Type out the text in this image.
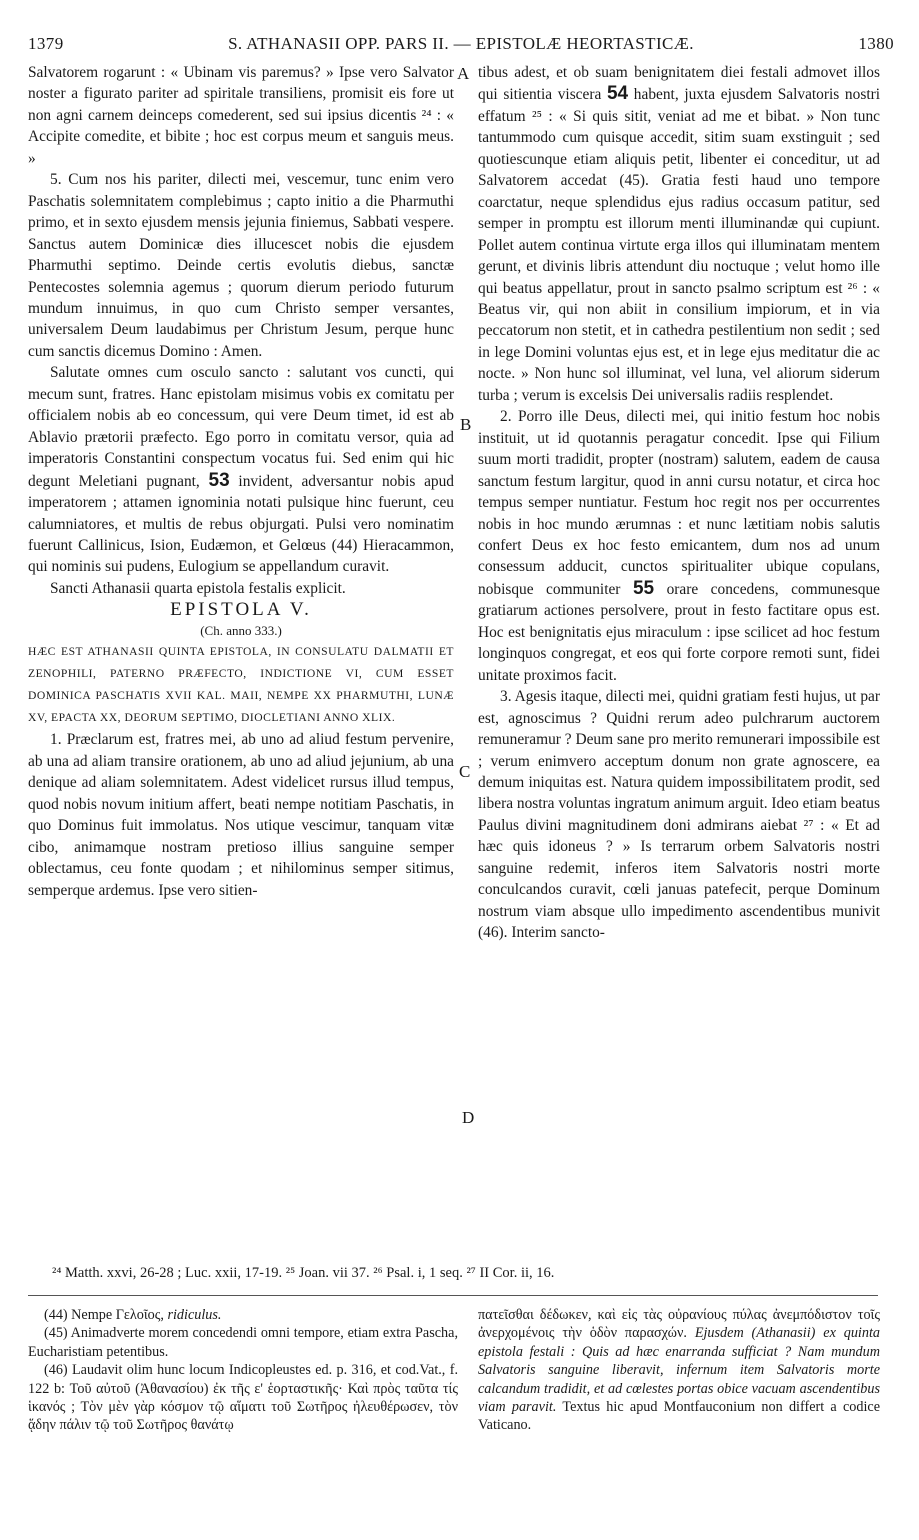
1379	S. ATHANASII OPP. PARS II. — EPISTOLÆ HEORTASTICÆ.	1380

Salvatorem rogarunt : « Ubinam vis paremus? » Ipse vero Salvator noster a figurato pariter ad spiritale transiliens, promisit eis fore ut non agni carnem deinceps comederent, sed sui ipsius dicentis ²⁴ : « Accipite comedite, et bibite ; hoc est corpus meum et sanguis meus. »

5. Cum nos his pariter, dilecti mei, vescemur, tunc enim vero Paschatis solemnitatem complebimus ; capto initio a die Pharmuthi primo, et in sexto ejusdem mensis jejunia finiemus, Sabbati vespere. Sanctus autem Dominicæ dies illucescet nobis die ejusdem Pharmuthi septimo. Deinde certis evolutis diebus, sanctæ Pentecostes solemnia agemus ; quorum dierum periodo futurum mundum innuimus, in quo cum Christo semper versantes, universalem Deum laudabimus per Christum Jesum, perque hunc cum sanctis dicemus Domino : Amen.

Salutate omnes cum osculo sancto : salutant vos cuncti, qui mecum sunt, fratres. Hanc epistolam misimus vobis ex comitatu per officialem nobis ab eo concessum, qui vere Deum timet, id est ab Ablavio prætorii præfecto. Ego porro in comitatu versor, quia ad imperatoris Constantini conspectum vocatus fui. Sed enim qui hic degunt Meletiani pugnant, 53 invident, adversantur nobis apud imperatorem ; attamen ignominia notati pulsique hinc fuerunt, ceu calumniatores, et multis de rebus objurgati. Pulsi vero nominatim fuerunt Callinicus, Ision, Eudæmon, et Gelœus (44) Hieracammon, qui nominis sui pudens, Eulogium se appellandum curavit.

Sancti Athanasii quarta epistola festalis explicit.

EPISTOLA V.

(Ch. anno 333.)

HÆC EST ATHANASII QUINTA EPISTOLA, IN CONSULATU DALMATII ET ZENOPHILI, PATERNO PRÆFECTO, INDICTIONE VI, CUM ESSET DOMINICA PASCHATIS XVII KAL. MAII, NEMPE XX PHARMUTHI, LUNÆ XV, EPACTA XX, DEORUM SEPTIMO, DIOCLETIANI ANNO XLIX.

1. Præclarum est, fratres mei, ab uno ad aliud festum pervenire, ab una ad aliam transire orationem, ab uno ad aliud jejunium, ab una denique ad aliam solemnitatem. Adest videlicet rursus illud tempus, quod nobis novum initium affert, beati nempe notitiam Paschatis, in quo Dominus fuit immolatus. Nos utique vescimur, tanquam vitæ cibo, animamque nostram pretioso illius sanguine semper oblectamus, ceu fonte quodam ; et nihilominus semper sitimus, semperque ardemus. Ipse vero sitien-

A
B
C
D

tibus adest, et ob suam benignitatem diei festali admovet illos qui sitientia viscera 54 habent, juxta ejusdem Salvatoris nostri effatum ²⁵ : « Si quis sitit, veniat ad me et bibat. » Non tunc tantummodo cum quisque accedit, sitim suam exstinguit ; sed quotiescunque etiam aliquis petit, libenter ei conceditur, ut ad Salvatorem accedat (45). Gratia festi haud uno tempore coarctatur, neque splendidus ejus radius occasum patitur, sed semper in promptu est illorum menti illuminandæ qui cupiunt. Pollet autem continua virtute erga illos qui illuminatam mentem gerunt, et divinis libris attendunt diu noctuque ; velut homo ille qui beatus appellatur, prout in sancto psalmo scriptum est ²⁶ : « Beatus vir, qui non abiit in consilium impiorum, et in via peccatorum non stetit, et in cathedra pestilentium non sedit ; sed in lege Domini voluntas ejus est, et in lege ejus meditatur die ac nocte. » Non hunc sol illuminat, vel luna, vel aliorum siderum turba ; verum is excelsis Dei universalis radiis resplendet.

2. Porro ille Deus, dilecti mei, qui initio festum hoc nobis instituit, ut id quotannis peragatur concedit. Ipse qui Filium suum morti tradidit, propter (nostram) salutem, eadem de causa sanctum festum largitur, quod in anni cursu notatur, et circa hoc tempus semper nuntiatur. Festum hoc regit nos per occurrentes nobis in hoc mundo ærumnas : et nunc lætitiam nobis salutis confert Deus ex hoc festo emicantem, dum nos ad unum consessum adducit, cunctos spiritualiter ubique copulans, nobisque communiter 55 orare concedens, communesque gratiarum actiones persolvere, prout in festo factitare opus est. Hoc est benignitatis ejus miraculum : ipse scilicet ad hoc festum longinquos congregat, et eos qui forte corpore remoti sunt, fidei unitate proximos facit.

3. Agesis itaque, dilecti mei, quidni gratiam festi hujus, ut par est, agnoscimus ? Quidni rerum adeo pulchrarum auctorem remuneramur ? Deum sane pro merito remunerari impossibile est ; verum enimvero acceptum donum non grate agnoscere, ea demum iniquitas est. Natura quidem impossibilitatem prodit, sed libera nostra voluntas ingratum animum arguit. Ideo etiam beatus Paulus divini magnitudinem doni admirans aiebat ²⁷ : « Et ad hæc quis idoneus ? » Is terrarum orbem Salvatoris nostri sanguine redemit, inferos item Salvatoris nostri morte conculcandos curavit, cœli januas patefecit, perque Dominum nostrum viam absque ullo impedimento ascendentibus munivit (46). Interim sancto-

²⁴ Matth. xxvi, 26-28 ; Luc. xxii, 17-19. ²⁵ Joan. vii 37. ²⁶ Psal. i, 1 seq. ²⁷ II Cor. ii, 16.

(44) Nempe Γελοῖος, ridiculus.

(45) Animadverte morem concedendi omni tempore, etiam extra Pascha, Eucharistiam petentibus.

(46) Laudavit olim hunc locum Indicopleustes ed. p. 316, et cod.Vat., f. 122 b: Τοῦ αὐτοῦ (Ἀθανασίου) ἐκ τῆς ε' ἑορταστικῆς· Καὶ πρὸς ταῦτα τίς ἱκανός ; Τὸν μὲν γὰρ κόσμον τῷ αἵματι τοῦ Σωτῆρος ἠλευθέρωσεν, τὸν ᾅδην πάλιν τῷ τοῦ Σωτῆρος θανάτῳ

πατεῖσθαι δέδωκεν, καὶ εἰς τὰς οὐρανίους πύλας ἀνεμπόδιστον τοῖς ἀνερχομένοις τὴν ὁδὸν παρασχών. Ejusdem (Athanasii) ex quinta epistola festali : Quis ad hæc enarranda sufficiat ? Nam mundum Salvatoris sanguine liberavit, infernum item Salvatoris morte calcandum tradidit, et ad cœlestes portas obice vacuam ascendentibus viam paravit. Textus hic apud Montfauconium non differt a codice Vaticano.
